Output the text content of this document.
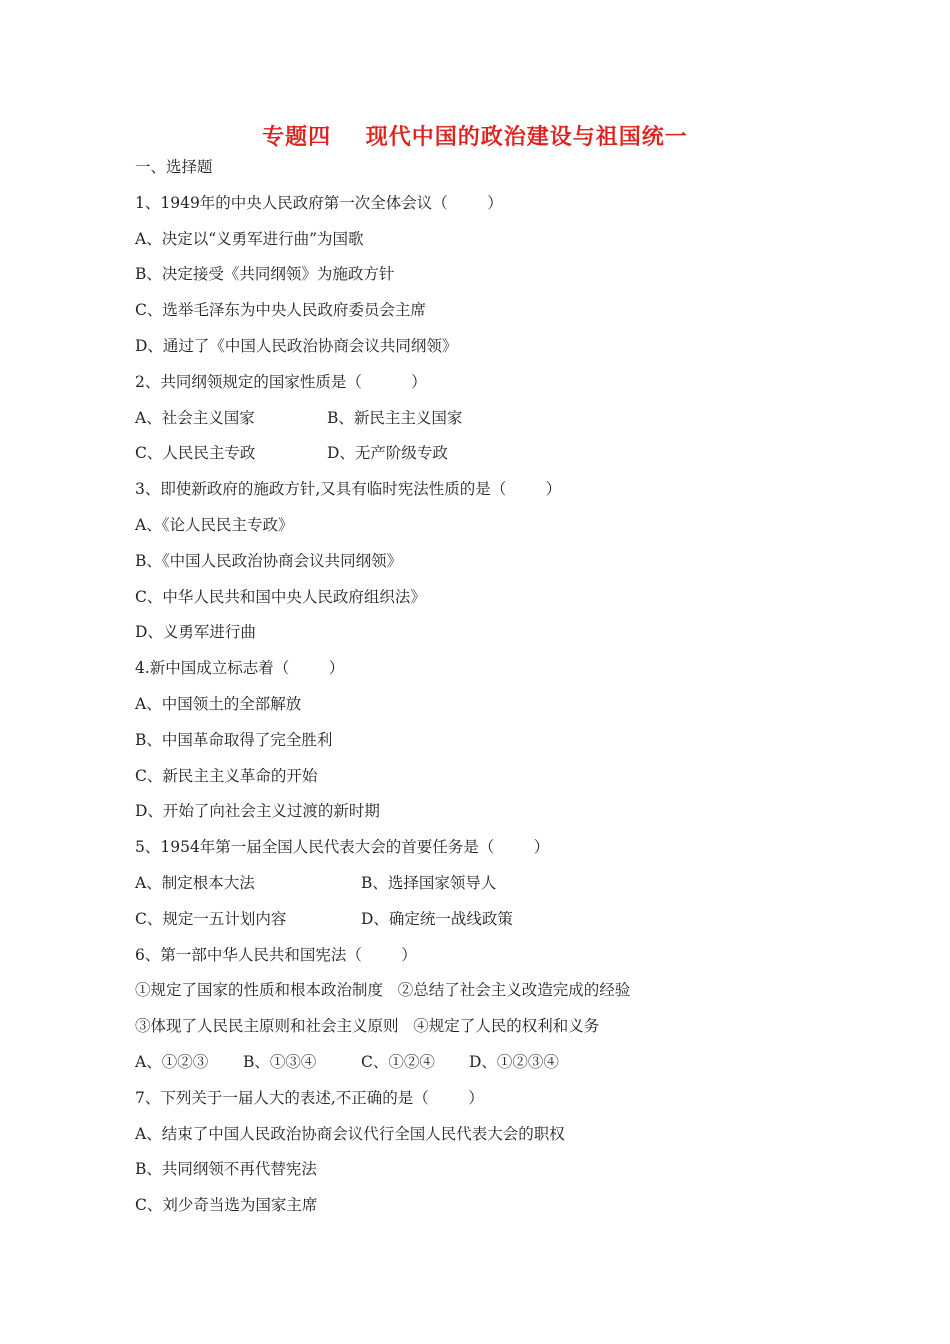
专题四    现代中国的政治建设与祖国统一
一、选择题
1、1949年的中央人民政府第一次全体会议（        ）
A、决定以“义勇军进行曲”为国歌
B、决定接受《共同纲领》为施政方针
C、选举毛泽东为中央人民政府委员会主席
D、通过了《中国人民政治协商会议共同纲领》
2、共同纲领规定的国家性质是（          ）
A、社会主义国家	B、新民主主义国家
C、人民民主专政	D、无产阶级专政
3、即使新政府的施政方针,又具有临时宪法性质的是（        ）
A、《论人民民主专政》
B、《中国人民政治协商会议共同纲领》
C、中华人民共和国中央人民政府组织法》
D、义勇军进行曲
4.新中国成立标志着（        ）
A、中国领土的全部解放
B、中国革命取得了完全胜利
C、新民主主义革命的开始
D、开始了向社会主义过渡的新时期
5、1954年第一届全国人民代表大会的首要任务是（        ）
A、制定根本大法	B、选择国家领导人
C、规定一五计划内容	D、确定统一战线政策
6、第一部中华人民共和国宪法（        ）
①规定了国家的性质和根本政治制度   ②总结了社会主义改造完成的经验
③体现了人民民主原则和社会主义原则   ④规定了人民的权利和义务
A、①②③	B、①③④	C、①②④	D、①②③④
7、下列关于一届人大的表述,不正确的是（        ）
A、结束了中国人民政治协商会议代行全国人民代表大会的职权
B、共同纲领不再代替宪法
C、刘少奇当选为国家主席
